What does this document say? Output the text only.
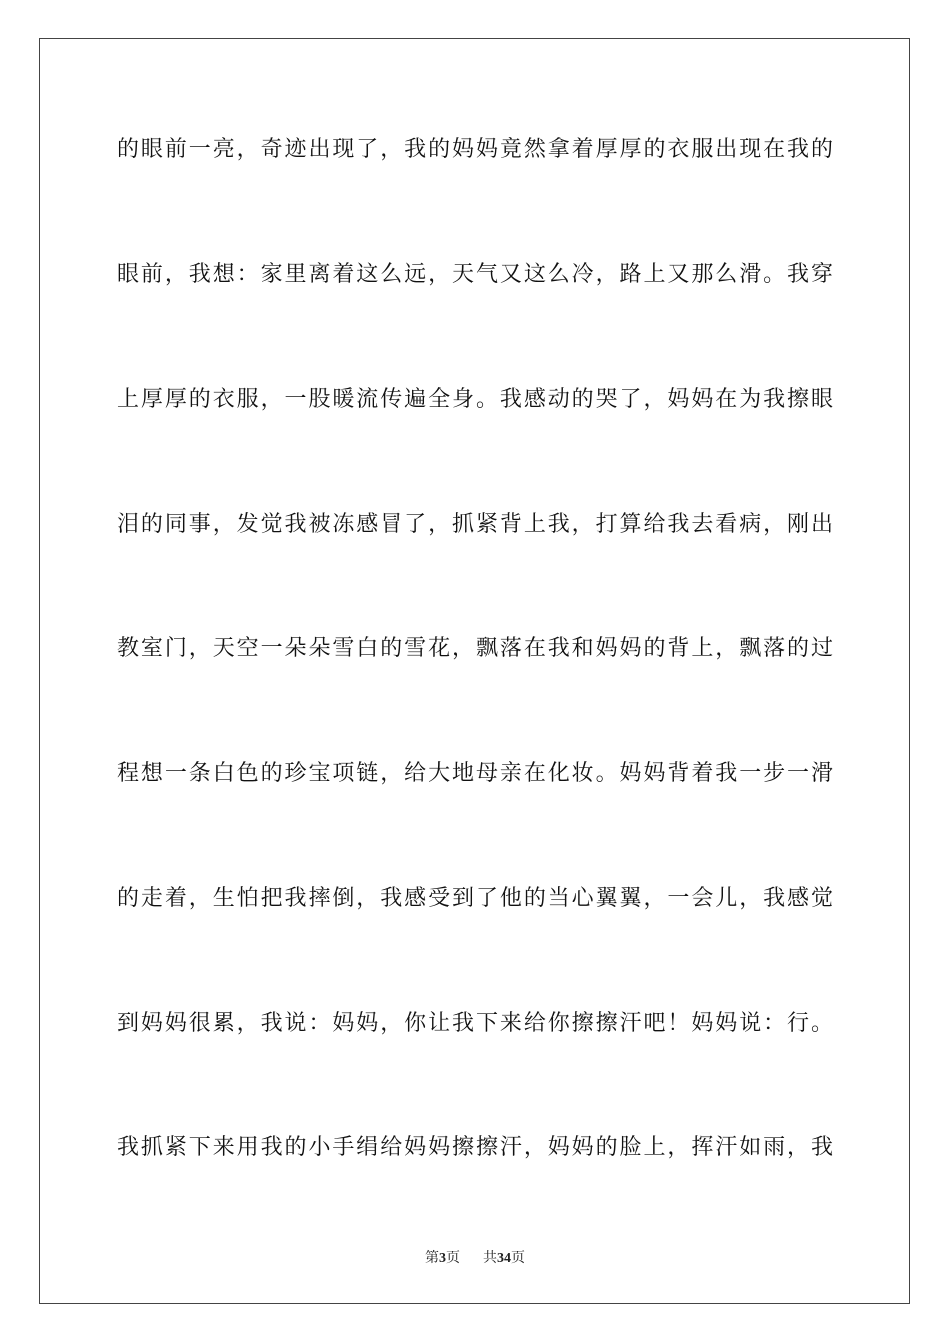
的眼前一亮，奇迹出现了，我的妈妈竟然拿着厚厚的衣服出现在我的
眼前，我想：家里离着这么远，天气又这么冷，路上又那么滑。我穿
上厚厚的衣服，一股暖流传遍全身。我感动的哭了，妈妈在为我擦眼
泪的同事，发觉我被冻感冒了，抓紧背上我，打算给我去看病，刚出
教室门，天空一朵朵雪白的雪花，飘落在我和妈妈的背上，飘落的过
程想一条白色的珍宝项链，给大地母亲在化妆。妈妈背着我一步一滑
的走着，生怕把我摔倒，我感受到了他的当心翼翼，一会儿，我感觉
到妈妈很累，我说：妈妈，你让我下来给你擦擦汗吧！妈妈说：行。
我抓紧下来用我的小手绢给妈妈擦擦汗，妈妈的脸上，挥汗如雨，我
第3页 共34页
